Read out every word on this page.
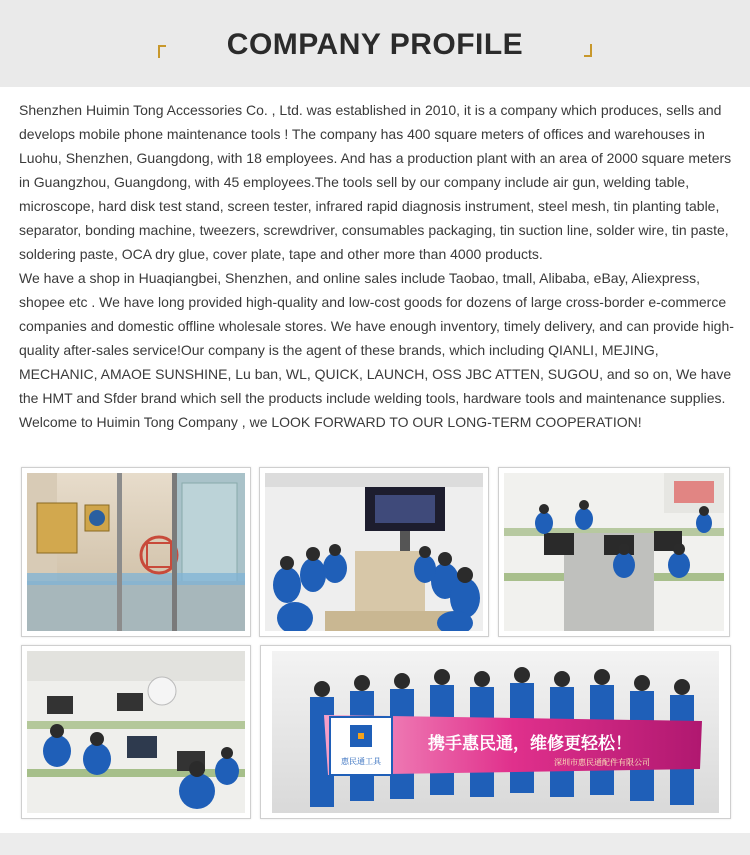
COMPANY PROFILE

Shenzhen Huimin Tong Accessories Co. , Ltd. was established in 2010, it is a company which produces, sells and develops mobile phone maintenance tools ! The company has 400 square meters of offices and warehouses in Luohu, Shenzhen, Guangdong, with 18 employees. And has a production plant with an area of 2000 square meters in Guangzhou, Guangdong, with 45 employees.The tools sell by our company include air gun, welding table, microscope, hard disk test stand, screen tester, infrared rapid diagnosis instrument, steel mesh, tin planting table, separator, bonding machine, tweezers, screwdriver, consumables packaging, tin suction line, solder wire, tin paste, soldering paste, OCA dry glue, cover plate, tape and other more than 4000 products.

We have a shop in Huaqiangbei, Shenzhen, and online sales include Taobao, tmall, Alibaba, eBay, Aliexpress, shopee etc . We have long provided high-quality and low-cost goods for dozens of large cross-border e-commerce companies and domestic offline wholesale stores. We have enough inventory, timely delivery, and can provide high-quality after-sales service!Our company is the agent of these brands, which including QIANLI, MEJING, MECHANIC, AMAOE SUNSHINE, Lu ban, WL, QUICK, LAUNCH, OSS JBC ATTEN, SUGOU, and so on, We have the HMT and Sfder brand which sell the products include welding tools, hardware tools and maintenance supplies.

Welcome to Huimin Tong Company , we LOOK FORWARD TO OUR LONG-TERM COOPERATION!

惠民通工具
携手惠民通，维修更轻松！
深圳市惠民通配件有限公司
